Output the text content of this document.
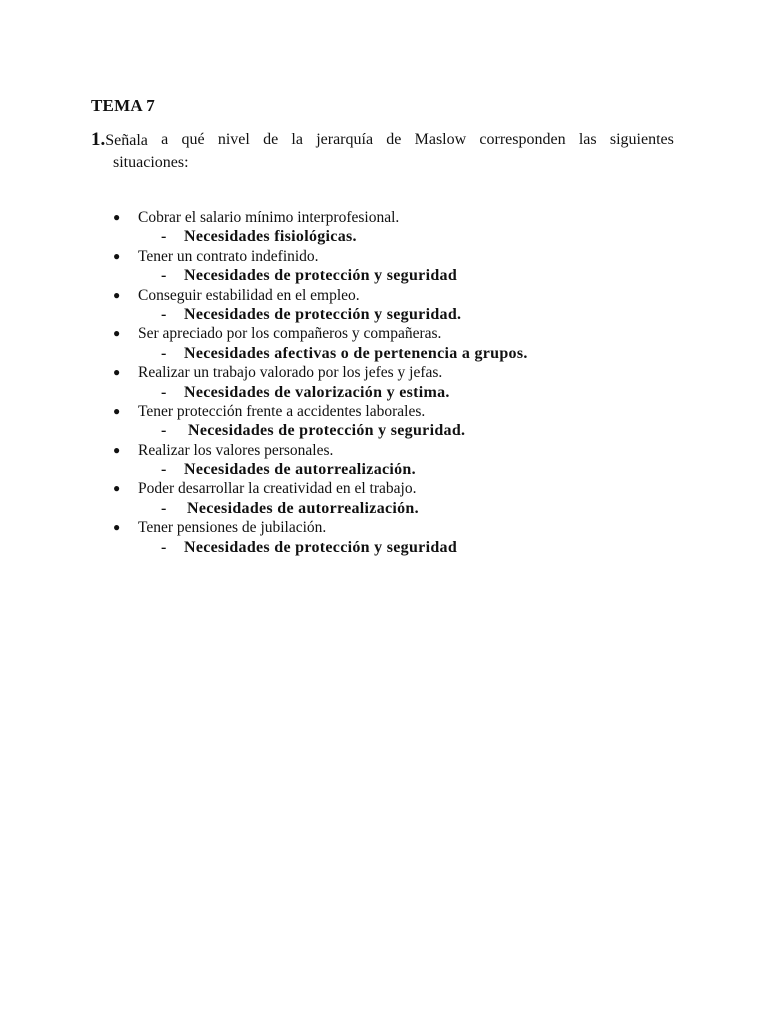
TEMA 7
1.Señala a qué nivel de la jerarquía de Maslow corresponden las siguientes
situaciones:
● Cobrar el salario mínimo interprofesional.
- Necesidades fisiológicas.
● Tener un contrato indefinido.
- Necesidades de protección y seguridad
● Conseguir estabilidad en el empleo.
- Necesidades de protección y seguridad.
● Ser apreciado por los compañeros y compañeras.
- Necesidades afectivas o de pertenencia a grupos.
● Realizar un trabajo valorado por los jefes y jefas.
- Necesidades de valorización y estima.
● Tener protección frente a accidentes laborales.
- Necesidades de protección y seguridad.
● Realizar los valores personales.
- Necesidades de autorrealización.
● Poder desarrollar la creatividad en el trabajo.
- Necesidades de autorrealización.
● Tener pensiones de jubilación.
- Necesidades de protección y seguridad
